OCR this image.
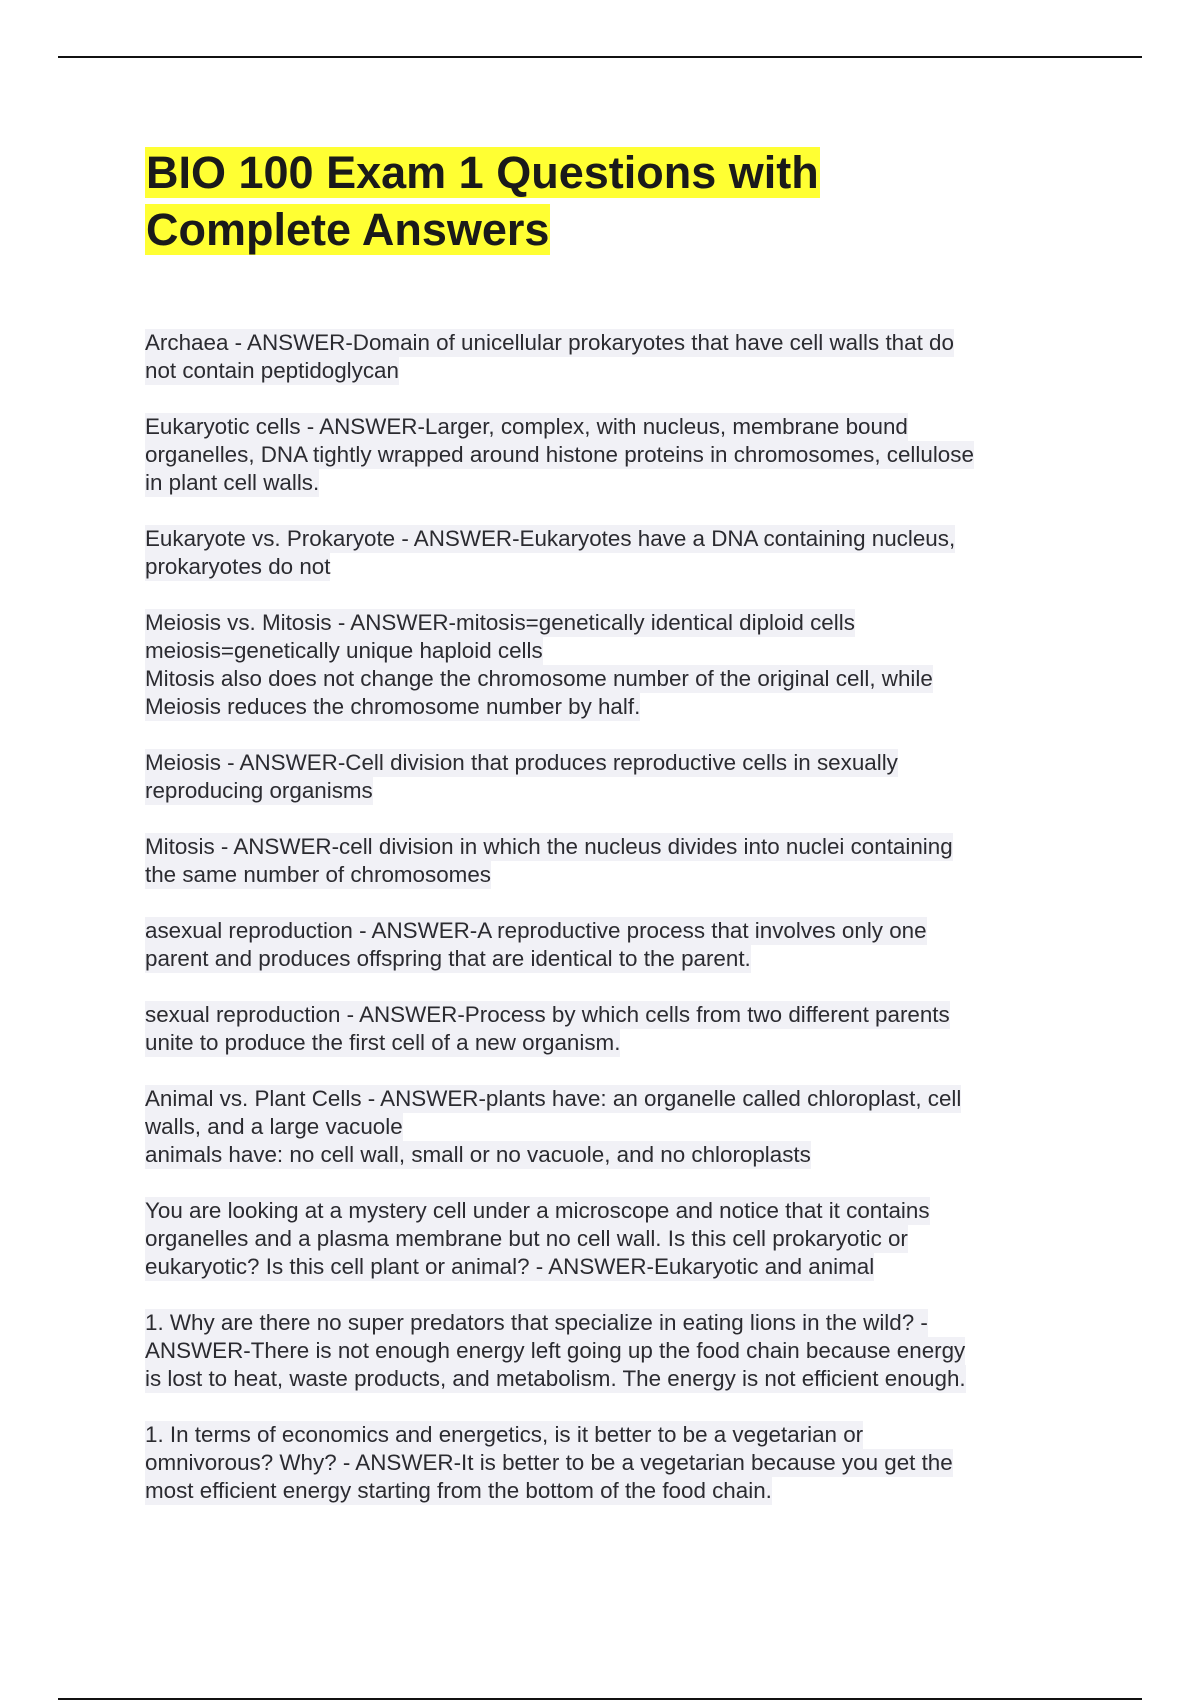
BIO 100 Exam 1 Questions with
Complete Answers
Archaea - ANSWER-Domain of unicellular prokaryotes that have cell walls that do
not contain peptidoglycan
Eukaryotic cells - ANSWER-Larger, complex, with nucleus, membrane bound
organelles, DNA tightly wrapped around histone proteins in chromosomes, cellulose
in plant cell walls.
Eukaryote vs. Prokaryote - ANSWER-Eukaryotes have a DNA containing nucleus,
prokaryotes do not
Meiosis vs. Mitosis - ANSWER-mitosis=genetically identical diploid cells
meiosis=genetically unique haploid cells
Mitosis also does not change the chromosome number of the original cell, while
Meiosis reduces the chromosome number by half.
Meiosis - ANSWER-Cell division that produces reproductive cells in sexually
reproducing organisms
Mitosis - ANSWER-cell division in which the nucleus divides into nuclei containing
the same number of chromosomes
asexual reproduction - ANSWER-A reproductive process that involves only one
parent and produces offspring that are identical to the parent.
sexual reproduction - ANSWER-Process by which cells from two different parents
unite to produce the first cell of a new organism.
Animal vs. Plant Cells - ANSWER-plants have: an organelle called chloroplast, cell
walls, and a large vacuole
animals have: no cell wall, small or no vacuole, and no chloroplasts
You are looking at a mystery cell under a microscope and notice that it contains
organelles and a plasma membrane but no cell wall. Is this cell prokaryotic or
eukaryotic? Is this cell plant or animal? - ANSWER-Eukaryotic and animal
1. Why are there no super predators that specialize in eating lions in the wild? -
ANSWER-There is not enough energy left going up the food chain because energy
is lost to heat, waste products, and metabolism. The energy is not efficient enough.
1. In terms of economics and energetics, is it better to be a vegetarian or
omnivorous? Why? - ANSWER-It is better to be a vegetarian because you get the
most efficient energy starting from the bottom of the food chain.
